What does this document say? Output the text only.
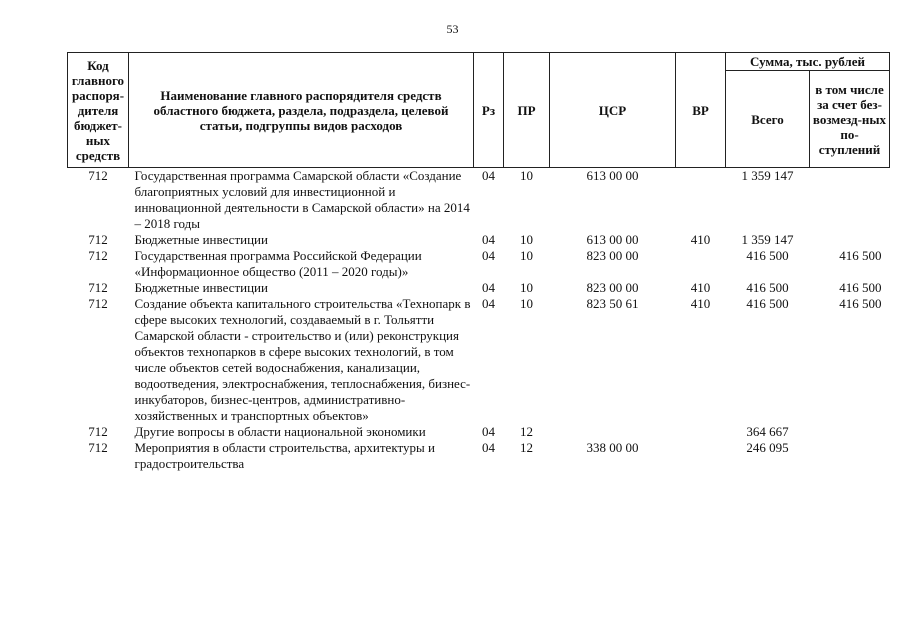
53
Код главного распоря-дителя бюджет-ных средств	Наименование главного распорядителя средств областного бюджета, раздела, подраздела, целевой статьи, подгруппы видов расходов	Рз	ПР	ЦСР	ВР	Сумма, тыс. рублей	
						Всего	в том числе за счет без-возмезд-ных по-ступлений
712	Государственная программа Самарской области «Создание благоприятных условий для инвестиционной и инновационной деятельности в Самарской области» на 2014 – 2018 годы	04	10	613 00 00		1 359 147	
712	Бюджетные инвестиции	04	10	613 00 00	410	1 359 147	
712	Государственная программа Российской Федерации «Информационное общество (2011 – 2020 годы)»	04	10	823 00 00		416 500	416 500
712	Бюджетные инвестиции	04	10	823 00 00	410	416 500	416 500
712	Создание объекта капитального строительства «Технопарк в сфере высоких технологий, создаваемый в г. Тольятти Самарской области - строительство и (или) реконструкция объектов технопарков в сфере высоких технологий, в том числе объектов сетей водоснабжения, канализации, водоотведения, электроснабжения, теплоснабжения, бизнес-инкубаторов, бизнес-центров, административно-хозяйственных и транспортных объектов»	04	10	823 50 61	410	416 500	416 500
712	Другие вопросы в области национальной экономики	04	12			364 667	
712	Мероприятия в области строительства, архитектуры и градостроительства	04	12	338 00 00		246 095	
